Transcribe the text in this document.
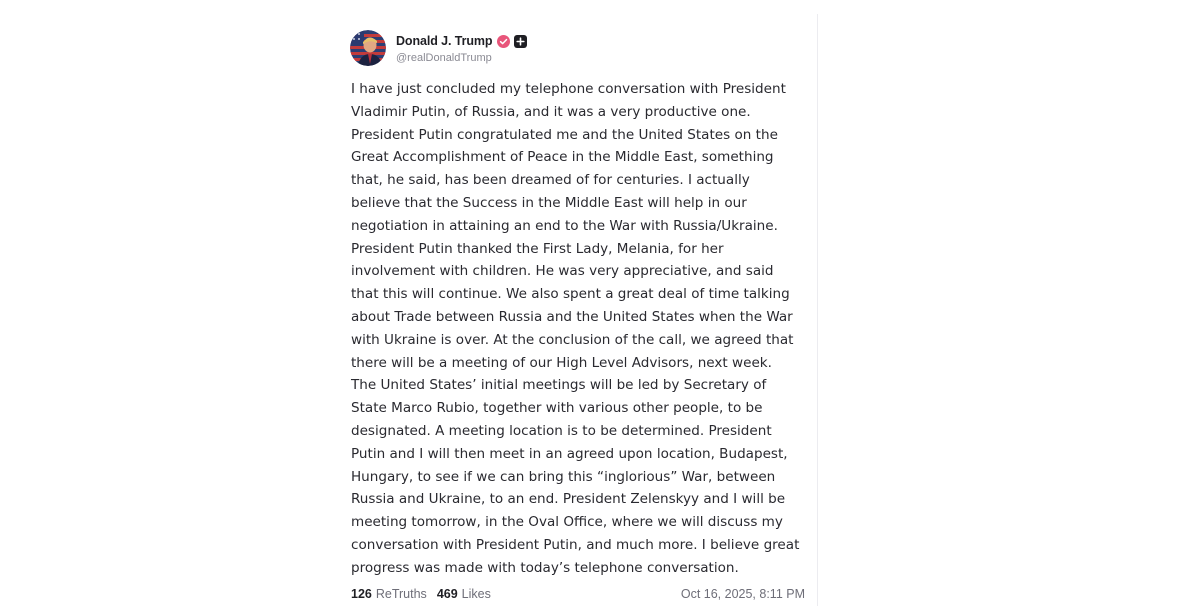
Donald J. Trump
@realDonaldTrump

I have just concluded my telephone conversation with President
Vladimir Putin, of Russia, and it was a very productive one.
President Putin congratulated me and the United States on the
Great Accomplishment of Peace in the Middle East, something
that, he said, has been dreamed of for centuries. I actually
believe that the Success in the Middle East will help in our
negotiation in attaining an end to the War with Russia/Ukraine.
President Putin thanked the First Lady, Melania, for her
involvement with children. He was very appreciative, and said
that this will continue. We also spent a great deal of time talking
about Trade between Russia and the United States when the War
with Ukraine is over. At the conclusion of the call, we agreed that
there will be a meeting of our High Level Advisors, next week.
The United States’ initial meetings will be led by Secretary of
State Marco Rubio, together with various other people, to be
designated. A meeting location is to be determined. President
Putin and I will then meet in an agreed upon location, Budapest,
Hungary, to see if we can bring this “inglorious” War, between
Russia and Ukraine, to an end. President Zelenskyy and I will be
meeting tomorrow, in the Oval Office, where we will discuss my
conversation with President Putin, and much more. I believe great
progress was made with today’s telephone conversation.

126 ReTruths 469 Likes	Oct 16, 2025, 8:11 PM
